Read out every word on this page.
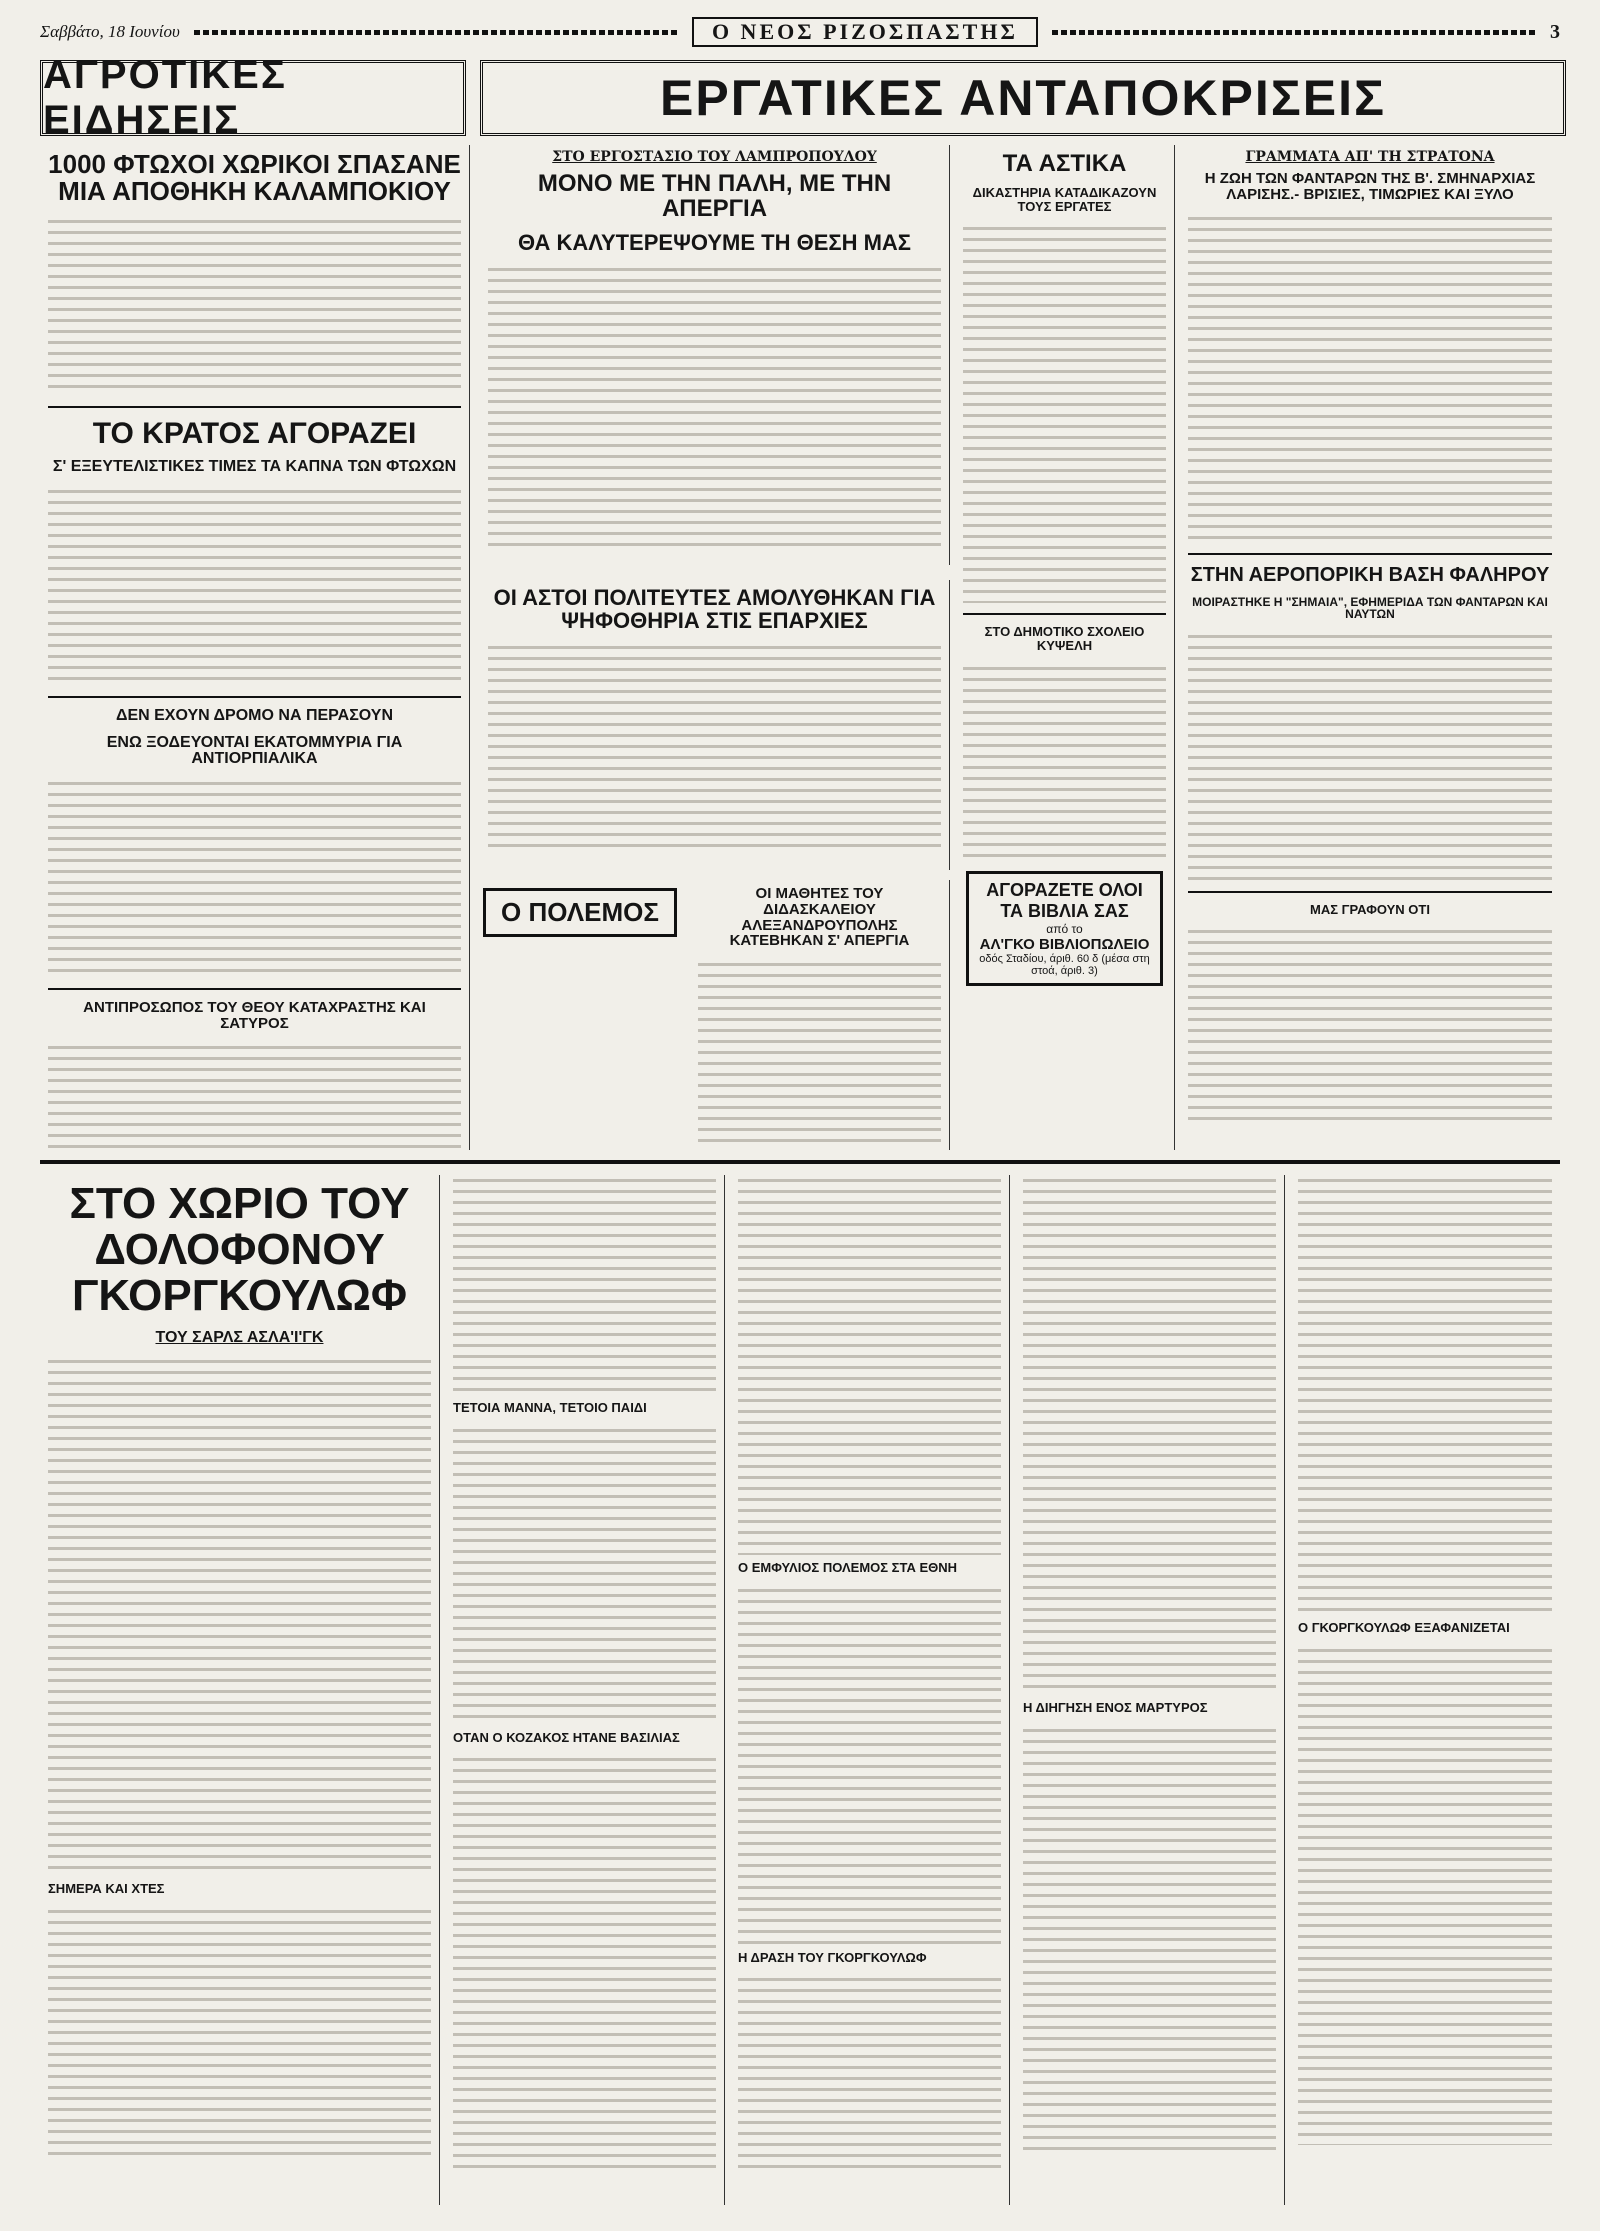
Σαββάτο, 18 Ιουνίου	Ο ΝΕΟΣ ΡΙΖΟΣΠΑΣΤΗΣ	3
ΑΓΡΟΤΙΚΕΣ ΕΙΔΗΣΕΙΣ	ΕΡΓΑΤΙΚΕΣ ΑΝΤΑΠΟΚΡΙΣΕΙΣ
1000 ΦΤΩΧΟΙ ΧΩΡΙΚΟΙ ΣΠΑΣΑΝΕ ΜΙΑ ΑΠΟΘΗΚΗ ΚΑΛΑΜΠΟΚΙΟΥ
ΤΟ ΚΡΑΤΟΣ ΑΓΟΡΑΖΕΙ
Σ' ΕΞΕΥΤΕΛΙΣΤΙΚΕΣ ΤΙΜΕΣ ΤΑ ΚΑΠΝΑ ΤΩΝ ΦΤΩΧΩΝ
ΔΕΝ ΕΧΟΥΝ ΔΡΟΜΟ ΝΑ ΠΕΡΑΣΟΥΝ
ΕΝΩ ΞΟΔΕΥΟΝΤΑΙ ΕΚΑΤΟΜΜΥΡΙΑ ΓΙΑ ΑΝΤΙΟΡΠΙΑΛΙΚΑ
ΑΝΤΙΠΡΟΣΩΠΟΣ ΤΟΥ ΘΕΟΥ ΚΑΤΑΧΡΑΣΤΗΣ ΚΑΙ ΣΑΤΥΡΟΣ
ΣΤΟ ΕΡΓΟΣΤΑΣΙΟ ΤΟΥ ΛΑΜΠΡΟΠΟΥΛΟΥ
ΜΟΝΟ ΜΕ ΤΗΝ ΠΑΛΗ, ΜΕ ΤΗΝ ΑΠΕΡΓΙΑ
ΘΑ ΚΑΛΥΤΕΡΕΨΟΥΜΕ ΤΗ ΘΕΣΗ ΜΑΣ
ΤΑ ΑΣΤΙΚΑ
ΔΙΚΑΣΤΗΡΙΑ ΚΑΤΑΔΙΚΑΖΟΥΝ ΤΟΥΣ ΕΡΓΑΤΕΣ
ΣΤΟ ΔΗΜΟΤΙΚΟ ΣΧΟΛΕΙΟ ΚΥΨΕΛΗ
ΑΓΟΡΑΖΕΤΕ ΟΛΟΙ
ΤΑ ΒΙΒΛΙΑ ΣΑΣ
από το
ΑΛ'ΓΚΟ ΒΙΒΛΙΟΠΩΛΕΙΟ
οδός Σταδίου, άριθ. 60 δ (μέσα στη στοά, άριθ. 3)
ΓΡΑΜΜΑΤΑ ΑΠ' ΤΗ ΣΤΡΑΤΟΝΑ
Η ΖΩΗ ΤΩΝ ΦΑΝΤΑΡΩΝ ΤΗΣ Β'. ΣΜΗΝΑΡΧΙΑΣ ΛΑΡΙΣΗΣ.- ΒΡΙΣΙΕΣ, ΤΙΜΩΡΙΕΣ ΚΑΙ ΞΥΛΟ
ΣΤΗΝ ΑΕΡΟΠΟΡΙΚΗ ΒΑΣΗ ΦΑΛΗΡΟΥ
ΜΟΙΡΑΣΤΗΚΕ Η "ΣΗΜΑΙΑ", ΕΦΗΜΕΡΙΔΑ ΤΩΝ ΦΑΝΤΑΡΩΝ ΚΑΙ ΝΑΥΤΩΝ
ΜΑΣ ΓΡΑΦΟΥΝ ΟΤΙ
ΟΙ ΑΣΤΟΙ ΠΟΛΙΤΕΥΤΕΣ ΑΜΟΛΥΘΗΚΑΝ ΓΙΑ ΨΗΦΟΘΗΡΙΑ ΣΤΙΣ ΕΠΑΡΧΙΕΣ
Ο ΠΟΛΕΜΟΣ
ΟΙ ΜΑΘΗΤΕΣ ΤΟΥ ΔΙΔΑΣΚΑΛΕΙΟΥ ΑΛΕΞΑΝΔΡΟΥΠΟΛΗΣ ΚΑΤΕΒΗΚΑΝ Σ' ΑΠΕΡΓΙΑ
ΣΤΟ ΧΩΡΙΟ ΤΟΥ ΔΟΛΟΦΟΝΟΥ ΓΚΟΡΓΚΟΥΛΩΦ
ΤΟΥ ΣΑΡΛΣ ΑΣΛΑ'Ι'ΓΚ
ΣΗΜΕΡΑ ΚΑΙ ΧΤΕΣ
ΤΕΤΟΙΑ ΜΑΝΝΑ, ΤΕΤΟΙΟ ΠΑΙΔΙ
ΟΤΑΝ Ο ΚΟΖΑΚΟΣ ΗΤΑΝΕ ΒΑΣΙΛΙΑΣ
Ο ΕΜΦΥΛΙΟΣ ΠΟΛΕΜΟΣ ΣΤΑ ΕΘΝΗ
Η ΔΡΑΣΗ ΤΟΥ ΓΚΟΡΓΚΟΥΛΩΦ
Η ΔΙΗΓΗΣΗ ΕΝΟΣ ΜΑΡΤΥΡΟΣ
Ο ΓΚΟΡΓΚΟΥΛΩΦ ΕΞΑΦΑΝΙΖΕΤΑΙ
